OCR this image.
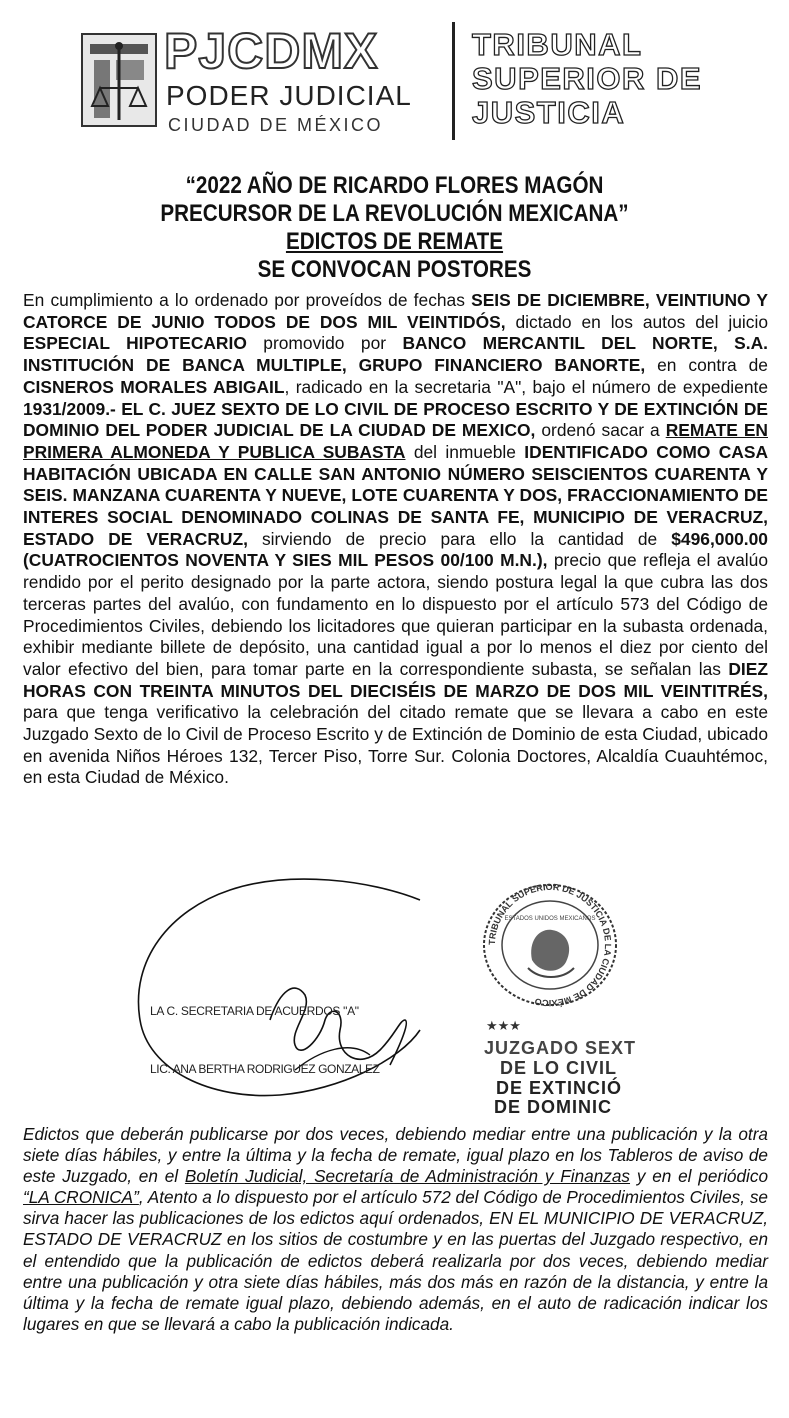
PJCDMX
PODER JUDICIAL
CIUDAD DE MÉXICO
TRIBUNAL
SUPERIOR DE
JUSTICIA
“2022 AÑO DE RICARDO FLORES MAGÓN
PRECURSOR DE LA REVOLUCIÓN MEXICANA”
EDICTOS DE REMATE
SE CONVOCAN POSTORES
En cumplimiento a lo ordenado por proveídos de fechas SEIS DE DICIEMBRE, VEINTIUNO Y CATORCE DE JUNIO TODOS DE DOS MIL VEINTIDÓS, dictado en los autos del juicio ESPECIAL HIPOTECARIO promovido por BANCO MERCANTIL DEL NORTE, S.A. INSTITUCIÓN DE BANCA MULTIPLE, GRUPO FINANCIERO BANORTE, en contra de CISNEROS MORALES ABIGAIL, radicado en la secretaria "A", bajo el número de expediente 1931/2009.- EL C. JUEZ SEXTO DE LO CIVIL DE PROCESO ESCRITO Y DE EXTINCIÓN DE DOMINIO DEL PODER JUDICIAL DE LA CIUDAD DE MEXICO, ordenó sacar a REMATE EN PRIMERA ALMONEDA Y PUBLICA SUBASTA del inmueble IDENTIFICADO COMO CASA HABITACIÓN UBICADA EN CALLE SAN ANTONIO NÚMERO SEISCIENTOS CUARENTA Y SEIS. MANZANA CUARENTA Y NUEVE, LOTE CUARENTA Y DOS, FRACCIONAMIENTO DE INTERES SOCIAL DENOMINADO COLINAS DE SANTA FE, MUNICIPIO DE VERACRUZ, ESTADO DE VERACRUZ, sirviendo de precio para ello la cantidad de $496,000.00 (CUATROCIENTOS NOVENTA Y SIES MIL PESOS 00/100 M.N.), precio que refleja el avalúo rendido por el perito designado por la parte actora, siendo postura legal la que cubra las dos terceras partes del avalúo, con fundamento en lo dispuesto por el artículo 573 del Código de Procedimientos Civiles, debiendo los licitadores que quieran participar en la subasta ordenada, exhibir mediante billete de depósito, una cantidad igual a por lo menos el diez por ciento del valor efectivo del bien, para tomar parte en la correspondiente subasta, se señalan las DIEZ HORAS CON TREINTA MINUTOS DEL DIECISÉIS DE MARZO DE DOS MIL VEINTITRÉS, para que tenga verificativo la celebración del citado remate que se llevara a cabo en este Juzgado Sexto de lo Civil de Proceso Escrito y de Extinción de Dominio de esta Ciudad, ubicado en avenida Niños Héroes 132, Tercer Piso, Torre Sur. Colonia Doctores, Alcaldía Cuauhtémoc, en esta Ciudad de México.
LA C. SECRETARIA DE ACUERDOS "A"
LIC. ANA BERTHA RODRIGUEZ GONZALEZ
TRIBUNAL SUPERIOR DE JUSTICIA DE LA CIUDAD DE MÉXICO
ESTADOS UNIDOS MEXICANOS
★★★
JUZGADO SEXT
DE LO CIVIL
DE EXTINCIÓ
DE DOMINIC
Edictos que deberán publicarse por dos veces, debiendo mediar entre una publicación y la otra siete días hábiles, y entre la última y la fecha de remate, igual plazo en los Tableros de aviso de este Juzgado, en el Boletín Judicial, Secretaría de Administración y Finanzas y en el periódico “LA CRONICA”, Atento a lo dispuesto por el artículo 572 del Código de Procedimientos Civiles, se sirva hacer las publicaciones de los edictos aquí ordenados, EN EL MUNICIPIO DE VERACRUZ, ESTADO DE VERACRUZ en los sitios de costumbre y en las puertas del Juzgado respectivo, en el entendido que la publicación de edictos deberá realizarla por dos veces, debiendo mediar entre una publicación y otra siete días hábiles, más dos más en razón de la distancia, y entre la última y la fecha de remate igual plazo, debiendo además, en el auto de radicación indicar los lugares en que se llevará a cabo la publicación indicada.
